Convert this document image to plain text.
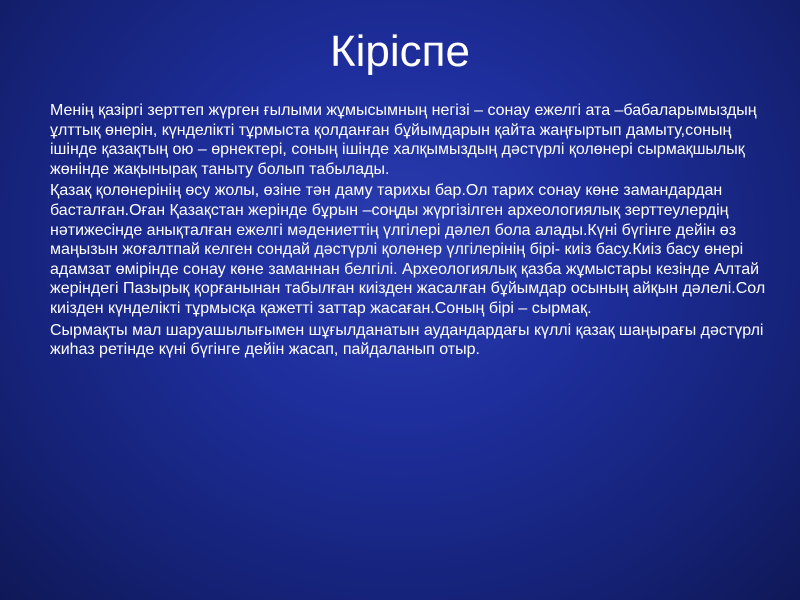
Кіріспе

Менің қазіргі зерттеп жүрген ғылыми жұмысымның негізі – сонау ежелгі ата –бабаларымыздың ұлттық өнерін, күнделікті тұрмыста қолданған бұйымдарын қайта жаңғыртып дамыту,соның ішінде қазақтың ою – өрнектері, соның ішінде халқымыздың дәстүрлі қолөнері сырмақшылық жөнінде жақынырақ таныту болып табылады.

Қазақ қолөнерінің өсу жолы, өзіне тән даму тарихы бар.Ол тарих сонау көне замандардан басталған.Оған Қазақстан жерінде бұрын –соңды жүргізілген археологиялық зерттеулердің нәтижесінде анықталған ежелгі мәдениеттің үлгілері дәлел бола алады.Күні бүгінге дейін өз маңызын жоғалтпай келген сондай дәстүрлі қолөнер үлгілерінің бірі- киіз басу.Киіз басу өнері адамзат өмірінде сонау көне заманнан белгілі. Археологиялық қазба жұмыстары кезінде Алтай жеріндегі Пазырық қорғанынан табылған киізден жасалған бұйымдар осының айқын дәлелі.Сол киізден күнделікті тұрмысқа қажетті заттар жасаған.Соның бірі – сырмақ.

Сырмақты мал шаруашылығымен шұғылданатын аудандардағы күллі қазақ шаңырағы дәстүрлі жиһаз ретінде күні бүгінге дейін жасап, пайдаланып отыр.
